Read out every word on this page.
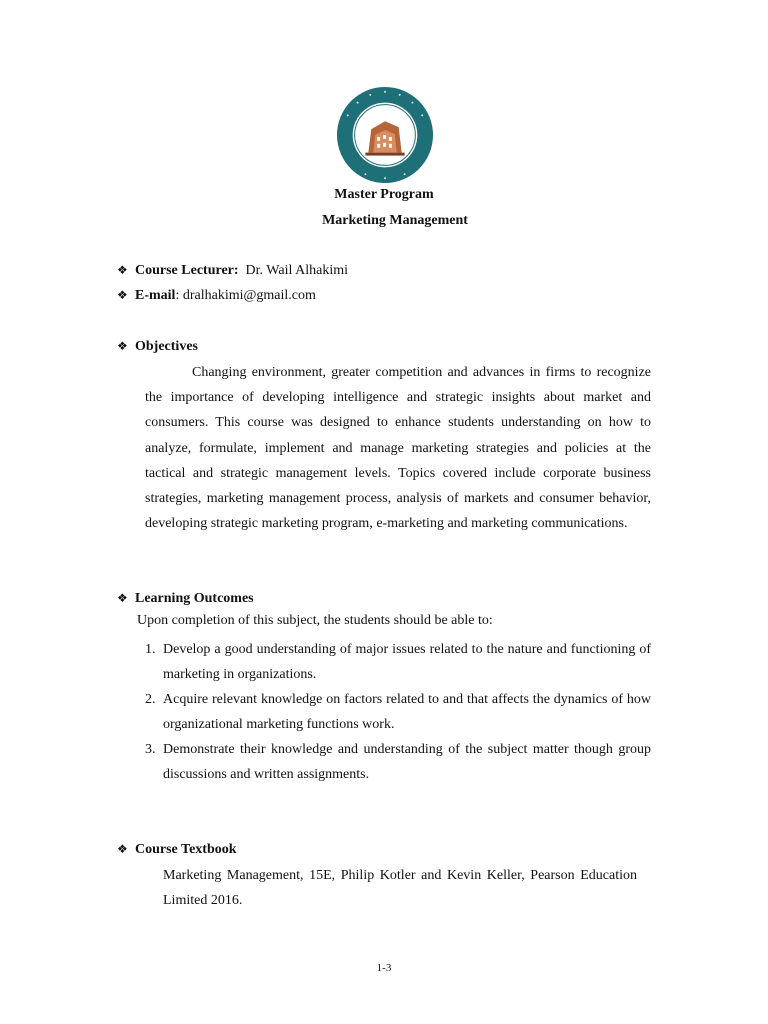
Master Program
Marketing Management
❖ Course Lecturer: Dr. Wail Alhakimi
❖ E-mail: dralhakimi@gmail.com
❖ Objectives
Changing environment, greater competition and advances in firms to recognize the importance of developing intelligence and strategic insights about market and consumers. This course was designed to enhance students understanding on how to analyze, formulate, implement and manage marketing strategies and policies at the tactical and strategic management levels. Topics covered include corporate business strategies, marketing management process, analysis of markets and consumer behavior, developing strategic marketing program, e-marketing and marketing communications.
❖ Learning Outcomes
Upon completion of this subject, the students should be able to:
1. Develop a good understanding of major issues related to the nature and functioning of marketing in organizations.
2. Acquire relevant knowledge on factors related to and that affects the dynamics of how organizational marketing functions work.
3. Demonstrate their knowledge and understanding of the subject matter though group discussions and written assignments.
❖ Course Textbook
Marketing Management, 15E, Philip Kotler and Kevin Keller, Pearson Education Limited 2016.
1-3
